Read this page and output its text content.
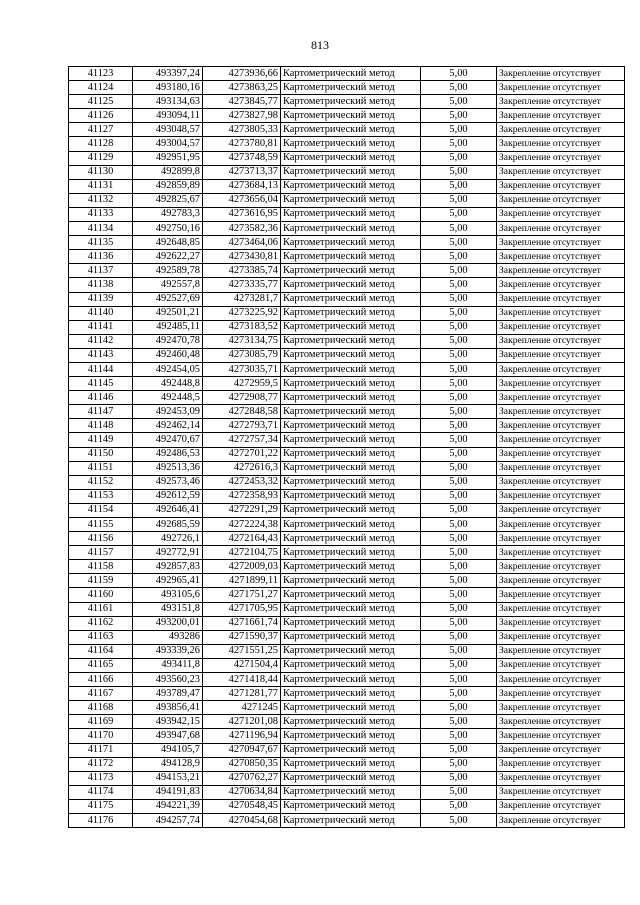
813
41123	493397,24	4273936,66	Картометрический метод	5,00	Закрепление отсутствует
41124	493180,16	4273863,25	Картометрический метод	5,00	Закрепление отсутствует
41125	493134,63	4273845,77	Картометрический метод	5,00	Закрепление отсутствует
41126	493094,11	4273827,98	Картометрический метод	5,00	Закрепление отсутствует
41127	493048,57	4273805,33	Картометрический метод	5,00	Закрепление отсутствует
41128	493004,57	4273780,81	Картометрический метод	5,00	Закрепление отсутствует
41129	492951,95	4273748,59	Картометрический метод	5,00	Закрепление отсутствует
41130	492899,8	4273713,37	Картометрический метод	5,00	Закрепление отсутствует
41131	492859,89	4273684,13	Картометрический метод	5,00	Закрепление отсутствует
41132	492825,67	4273656,04	Картометрический метод	5,00	Закрепление отсутствует
41133	492783,3	4273616,95	Картометрический метод	5,00	Закрепление отсутствует
41134	492750,16	4273582,36	Картометрический метод	5,00	Закрепление отсутствует
41135	492648,85	4273464,06	Картометрический метод	5,00	Закрепление отсутствует
41136	492622,27	4273430,81	Картометрический метод	5,00	Закрепление отсутствует
41137	492589,78	4273385,74	Картометрический метод	5,00	Закрепление отсутствует
41138	492557,8	4273335,77	Картометрический метод	5,00	Закрепление отсутствует
41139	492527,69	4273281,7	Картометрический метод	5,00	Закрепление отсутствует
41140	492501,21	4273225,92	Картометрический метод	5,00	Закрепление отсутствует
41141	492485,11	4273183,52	Картометрический метод	5,00	Закрепление отсутствует
41142	492470,78	4273134,75	Картометрический метод	5,00	Закрепление отсутствует
41143	492460,48	4273085,79	Картометрический метод	5,00	Закрепление отсутствует
41144	492454,05	4273035,71	Картометрический метод	5,00	Закрепление отсутствует
41145	492448,8	4272959,5	Картометрический метод	5,00	Закрепление отсутствует
41146	492448,5	4272908,77	Картометрический метод	5,00	Закрепление отсутствует
41147	492453,09	4272848,58	Картометрический метод	5,00	Закрепление отсутствует
41148	492462,14	4272793,71	Картометрический метод	5,00	Закрепление отсутствует
41149	492470,67	4272757,34	Картометрический метод	5,00	Закрепление отсутствует
41150	492486,53	4272701,22	Картометрический метод	5,00	Закрепление отсутствует
41151	492513,36	4272616,3	Картометрический метод	5,00	Закрепление отсутствует
41152	492573,46	4272453,32	Картометрический метод	5,00	Закрепление отсутствует
41153	492612,59	4272358,93	Картометрический метод	5,00	Закрепление отсутствует
41154	492646,41	4272291,29	Картометрический метод	5,00	Закрепление отсутствует
41155	492685,59	4272224,38	Картометрический метод	5,00	Закрепление отсутствует
41156	492726,1	4272164,43	Картометрический метод	5,00	Закрепление отсутствует
41157	492772,91	4272104,75	Картометрический метод	5,00	Закрепление отсутствует
41158	492857,83	4272009,03	Картометрический метод	5,00	Закрепление отсутствует
41159	492965,41	4271899,11	Картометрический метод	5,00	Закрепление отсутствует
41160	493105,6	4271751,27	Картометрический метод	5,00	Закрепление отсутствует
41161	493151,8	4271705,95	Картометрический метод	5,00	Закрепление отсутствует
41162	493200,01	4271661,74	Картометрический метод	5,00	Закрепление отсутствует
41163	493286	4271590,37	Картометрический метод	5,00	Закрепление отсутствует
41164	493339,26	4271551,25	Картометрический метод	5,00	Закрепление отсутствует
41165	493411,8	4271504,4	Картометрический метод	5,00	Закрепление отсутствует
41166	493560,23	4271418,44	Картометрический метод	5,00	Закрепление отсутствует
41167	493789,47	4271281,77	Картометрический метод	5,00	Закрепление отсутствует
41168	493856,41	4271245	Картометрический метод	5,00	Закрепление отсутствует
41169	493942,15	4271201,08	Картометрический метод	5,00	Закрепление отсутствует
41170	493947,68	4271196,94	Картометрический метод	5,00	Закрепление отсутствует
41171	494105,7	4270947,67	Картометрический метод	5,00	Закрепление отсутствует
41172	494128,9	4270850,35	Картометрический метод	5,00	Закрепление отсутствует
41173	494153,21	4270762,27	Картометрический метод	5,00	Закрепление отсутствует
41174	494191,83	4270634,84	Картометрический метод	5,00	Закрепление отсутствует
41175	494221,39	4270548,45	Картометрический метод	5,00	Закрепление отсутствует
41176	494257,74	4270454,68	Картометрический метод	5,00	Закрепление отсутствует
